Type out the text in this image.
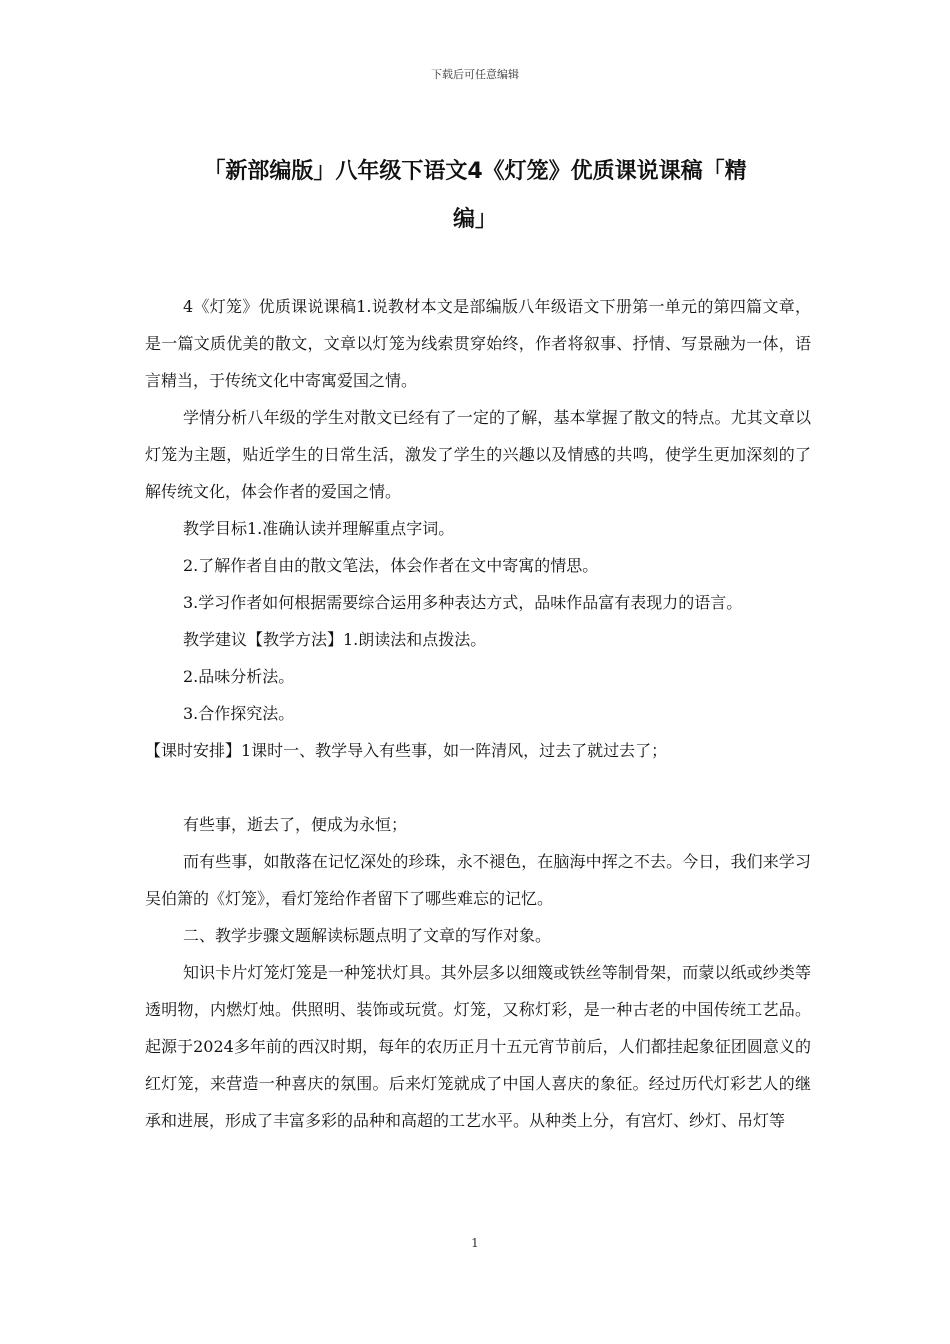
下载后可任意编辑
「新部编版」八年级下语文4《灯笼》优质课说课稿「精
编」

4《灯笼》优质课说课稿1.说教材本文是部编版八年级语文下册第一单元的第四篇文章，是一篇文质优美的散文，文章以灯笼为线索贯穿始终，作者将叙事、抒情、写景融为一体，语言精当，于传统文化中寄寓爱国之情。

学情分析八年级的学生对散文已经有了一定的了解，基本掌握了散文的特点。尤其文章以灯笼为主题，贴近学生的日常生活，激发了学生的兴趣以及情感的共鸣，使学生更加深刻的了解传统文化，体会作者的爱国之情。

教学目标1.准确认读并理解重点字词。

2.了解作者自由的散文笔法，体会作者在文中寄寓的情思。

3.学习作者如何根据需要综合运用多种表达方式，品味作品富有表现力的语言。

教学建议【教学方法】1.朗读法和点拨法。

2.品味分析法。

3.合作探究法。

【课时安排】1课时一、教学导入有些事，如一阵清风，过去了就过去了；

有些事，逝去了，便成为永恒；

而有些事，如散落在记忆深处的珍珠，永不褪色，在脑海中挥之不去。今日，我们来学习吴伯箫的《灯笼》，看灯笼给作者留下了哪些难忘的记忆。

二、教学步骤文题解读标题点明了文章的写作对象。

知识卡片灯笼灯笼是一种笼状灯具。其外层多以细篾或铁丝等制骨架，而蒙以纸或纱类等透明物，内燃灯烛。供照明、装饰或玩赏。灯笼，又称灯彩，是一种古老的中国传统工艺品。起源于2024多年前的西汉时期，每年的农历正月十五元宵节前后，人们都挂起象征团圆意义的红灯笼，来营造一种喜庆的氛围。后来灯笼就成了中国人喜庆的象征。经过历代灯彩艺人的继承和进展，形成了丰富多彩的品种和高超的工艺水平。从种类上分，有宫灯、纱灯、吊灯等

1
